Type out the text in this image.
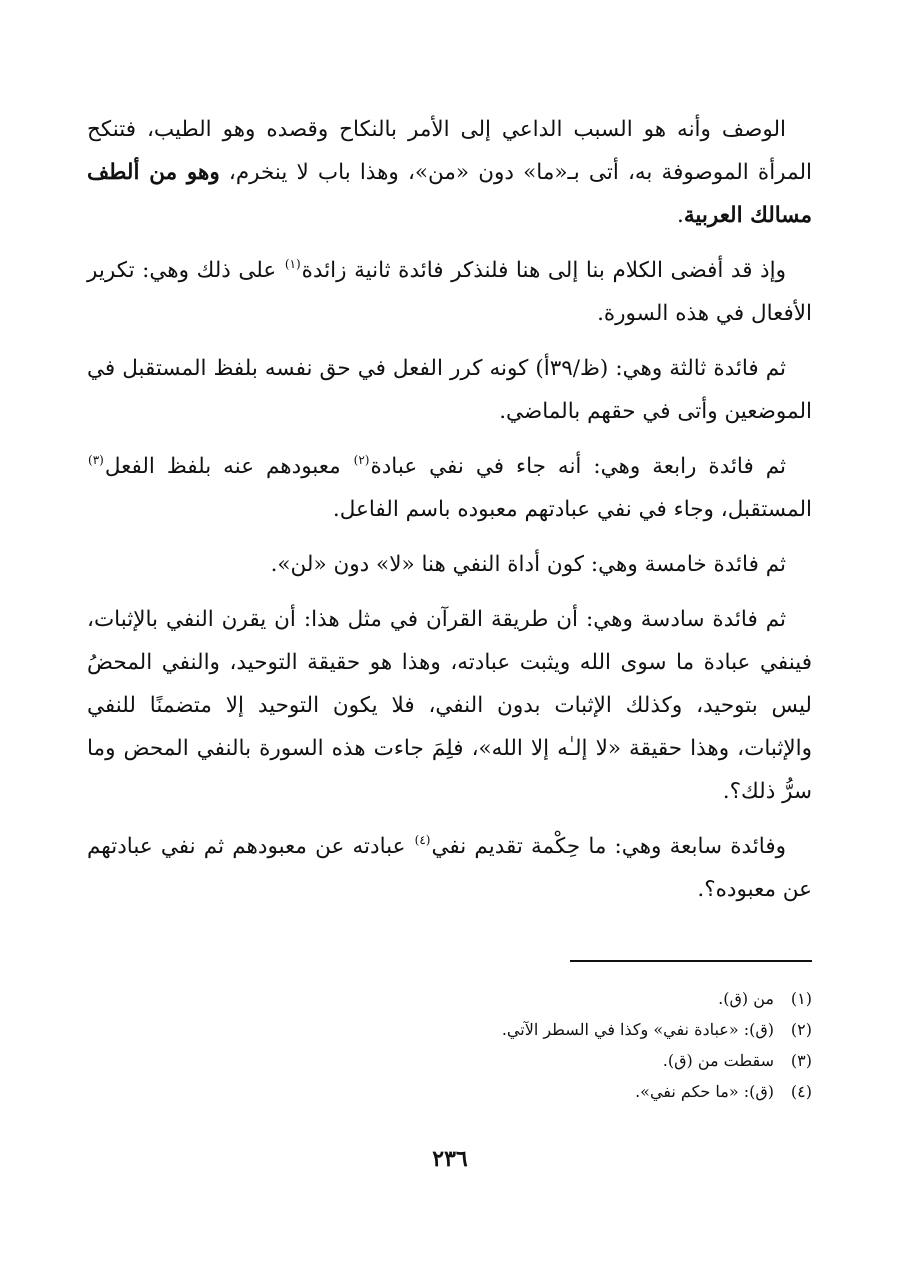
الوصف وأنه هو السبب الداعي إلى الأمر بالنكاح وقصده وهو الطيب، فتنكح المرأة الموصوفة به، أتى بـ«ما» دون «من»، وهذا باب لا ينخرم، وهو من ألطف مسالك العربية.

وإذ قد أفضى الكلام بنا إلى هنا فلنذكر فائدة ثانية زائدة$^{(١)}$ على ذلك وهي: تكرير الأفعال في هذه السورة.

ثم فائدة ثالثة وهي: (ظ/٣٩أ) كونه كرر الفعل في حق نفسه بلفظ المستقبل في الموضعين وأتى في حقهم بالماضي.

ثم فائدة رابعة وهي: أنه جاء في نفي عبادة$^{(٢)}$ معبودهم عنه بلفظ الفعل$^{(٣)}$ المستقبل، وجاء في نفي عبادتهم معبوده باسم الفاعل.

ثم فائدة خامسة وهي: كون أداة النفي هنا «لا» دون «لن».

ثم فائدة سادسة وهي: أن طريقة القرآن في مثل هذا: أن يقرن النفي بالإثبات، فينفي عبادة ما سوى الله ويثبت عبادته، وهذا هو حقيقة التوحيد، والنفي المحضُ ليس بتوحيد، وكذلك الإثبات بدون النفي، فلا يكون التوحيد إلا متضمنًا للنفي والإثبات، وهذا حقيقة «لا إلـٰه إلا الله»، فلِمَ جاءت هذه السورة بالنفي المحض وما سرُّ ذلك؟.

وفائدة سابعة وهي: ما حِكْمة تقديم نفي$^{(٤)}$ عبادته عن معبودهم ثم نفي عبادتهم عن معبوده؟.

(١)من (ق).

(٢)(ق): «عبادة نفي» وكذا في السطر الآتي.

(٣)سقطت من (ق).

(٤)(ق): «ما حكم نفي».

٢٣٦
